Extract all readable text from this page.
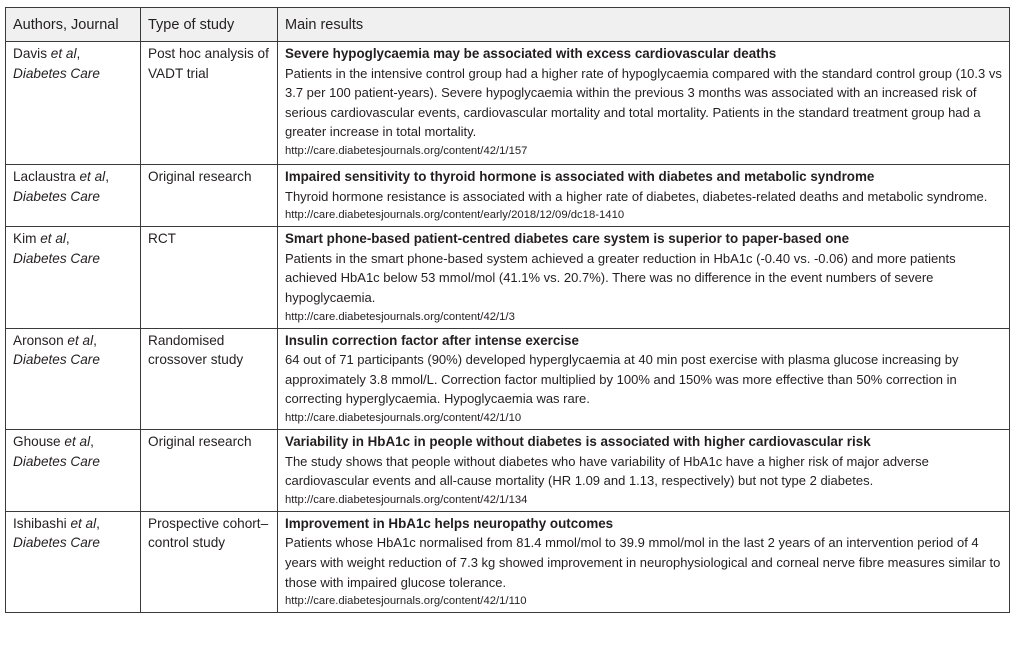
Authors, Journal	Type of study	Main results
Davis et al,
Diabetes Care	Post hoc analysis of VADT trial	Severe hypoglycaemia may be associated with excess cardiovascular deaths
Patients in the intensive control group had a higher rate of hypoglycaemia compared with the standard control group (10.3 vs 3.7 per 100 patient-years). Severe hypoglycaemia within the previous 3 months was associated with an increased risk of serious cardiovascular events, cardiovascular mortality and total mortality. Patients in the standard treatment group had a greater increase in total mortality.
http://care.diabetesjournals.org/content/42/1/157

Laclaustra et al,
Diabetes Care	Original research	Impaired sensitivity to thyroid hormone is associated with diabetes and metabolic syndrome
Thyroid hormone resistance is associated with a higher rate of diabetes, diabetes-related deaths and metabolic syndrome.
http://care.diabetesjournals.org/content/early/2018/12/09/dc18-1410

Kim et al,
Diabetes Care	RCT	Smart phone-based patient-centred diabetes care system is superior to paper-based one
Patients in the smart phone-based system achieved a greater reduction in HbA1c (-0.40 vs. -0.06) and more patients achieved HbA1c below 53 mmol/mol (41.1% vs. 20.7%). There was no difference in the event numbers of severe hypoglycaemia.
http://care.diabetesjournals.org/content/42/1/3

Aronson et al,
Diabetes Care	Randomised crossover study	Insulin correction factor after intense exercise
64 out of 71 participants (90%) developed hyperglycaemia at 40 min post exercise with plasma glucose increasing by approximately 3.8 mmol/L. Correction factor multiplied by 100% and 150% was more effective than 50% correction in correcting hyperglycaemia. Hypoglycaemia was rare.
http://care.diabetesjournals.org/content/42/1/10

Ghouse et al,
Diabetes Care	Original research	Variability in HbA1c in people without diabetes is associated with higher cardiovascular risk
The study shows that people without diabetes who have variability of HbA1c have a higher risk of major adverse cardiovascular events and all-cause mortality (HR 1.09 and 1.13, respectively) but not type 2 diabetes.
http://care.diabetesjournals.org/content/42/1/134

Ishibashi et al,
Diabetes Care	Prospective cohort–control study	Improvement in HbA1c helps neuropathy outcomes
Patients whose HbA1c normalised from 81.4 mmol/mol to 39.9 mmol/mol in the last 2 years of an intervention period of 4 years with weight reduction of 7.3 kg showed improvement in neurophysiological and corneal nerve fibre measures similar to those with impaired glucose tolerance.
http://care.diabetesjournals.org/content/42/1/110
